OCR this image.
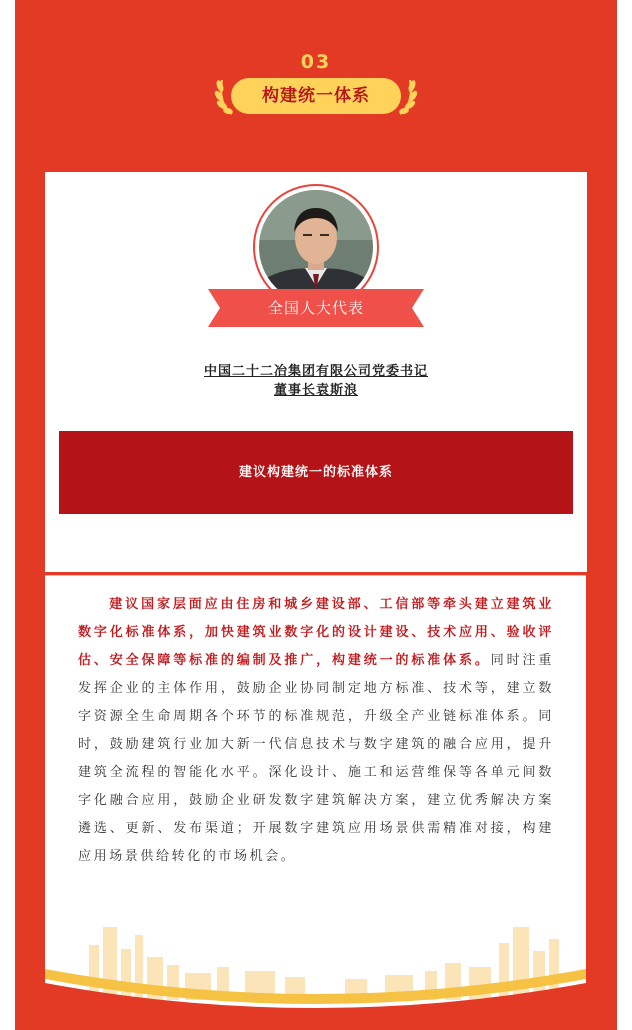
03
构建统一体系
全国人大代表
中国二十二冶集团有限公司党委书记
董事长袁斯浪
建议构建统一的标准体系

建议国家层面应由住房和城乡建设部、工信部等牵头建立建筑业数字化标准体系，加快建筑业数字化的设计建设、技术应用、验收评估、安全保障等标准的编制及推广，构建统一的标准体系。同时注重发挥企业的主体作用，鼓励企业协同制定地方标准、技术等，建立数字资源全生命周期各个环节的标准规范，升级全产业链标准体系。同时，鼓励建筑行业加大新一代信息技术与数字建筑的融合应用，提升建筑全流程的智能化水平。深化设计、施工和运营维保等各单元间数字化融合应用，鼓励企业研发数字建筑解决方案，建立优秀解决方案遴选、更新、发布渠道；开展数字建筑应用场景供需精准对接，构建应用场景供给转化的市场机会。
